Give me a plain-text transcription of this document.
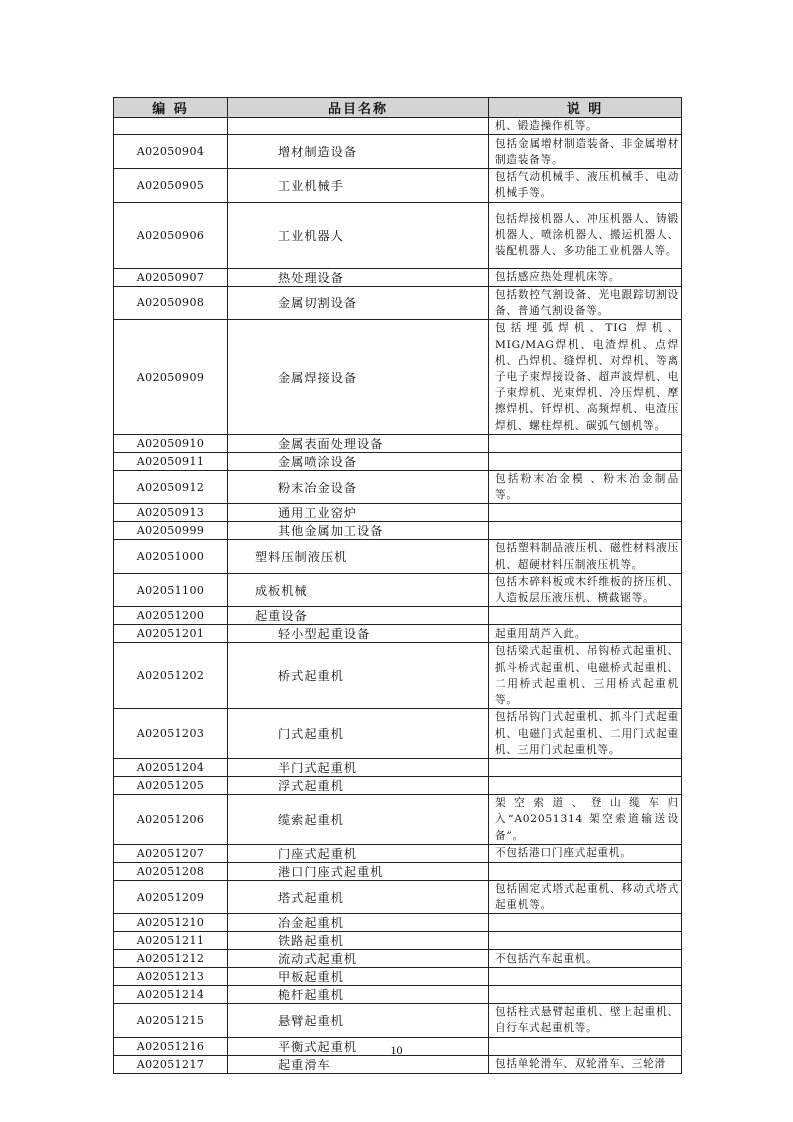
编 码	品目名称	说 明
		机、锻造操作机等。
A02050904	增材制造设备	包括金属增材制造装备、非金属增材制造装备等。
A02050905	工业机械手	包括气动机械手、液压机械手、电动机械手等。
A02050906	工业机器人	包括焊接机器人、冲压机器人、铸锻机器人、喷涂机器人、搬运机器人、装配机器人、多功能工业机器人等。
A02050907	热处理设备	包括感应热处理机床等。
A02050908	金属切割设备	包括数控气割设备、光电跟踪切割设备、普通气割设备等。
A02050909	金属焊接设备	包括埋弧焊机、TIG 焊机、MIG/MAG焊机、电渣焊机、点焊机、凸焊机、缝焊机、对焊机、等离子电子束焊接设备、超声波焊机、电子束焊机、光束焊机、冷压焊机、摩擦焊机、钎焊机、高频焊机、电渣压焊机、螺柱焊机、碳弧气刨机等。
A02050910	金属表面处理设备	
A02050911	金属喷涂设备	
A02050912	粉末冶金设备	包括粉末冶金模 、粉末冶金制品等。
A02050913	通用工业窑炉	
A02050999	其他金属加工设备	
A02051000	塑料压制液压机	包括塑料制品液压机、磁性材料液压机、超硬材料压制液压机等。
A02051100	成板机械	包括木碎料板或木纤维板的挤压机、人造板层压液压机、横截锯等。
A02051200	起重设备	
A02051201	轻小型起重设备	起重用葫芦入此。
A02051202	桥式起重机	包括梁式起重机、吊钩桥式起重机、抓斗桥式起重机、电磁桥式起重机、二用桥式起重机、三用桥式起重机等。
A02051203	门式起重机	包括吊钩门式起重机、抓斗门式起重机、电磁门式起重机、二用门式起重机、三用门式起重机等。
A02051204	半门式起重机	
A02051205	浮式起重机	
A02051206	缆索起重机	架空索道、登山缆车归入“A02051314 架空索道输送设备”。
A02051207	门座式起重机	不包括港口门座式起重机。
A02051208	港口门座式起重机	
A02051209	塔式起重机	包括固定式塔式起重机、移动式塔式起重机等。
A02051210	冶金起重机	
A02051211	铁路起重机	
A02051212	流动式起重机	不包括汽车起重机。
A02051213	甲板起重机	
A02051214	桅杆起重机	
A02051215	悬臂起重机	包括柱式悬臂起重机、壁上起重机、自行车式起重机等。
A02051216	平衡式起重机	
A02051217	起重滑车	包括单轮滑车、双轮滑车、三轮滑
10
